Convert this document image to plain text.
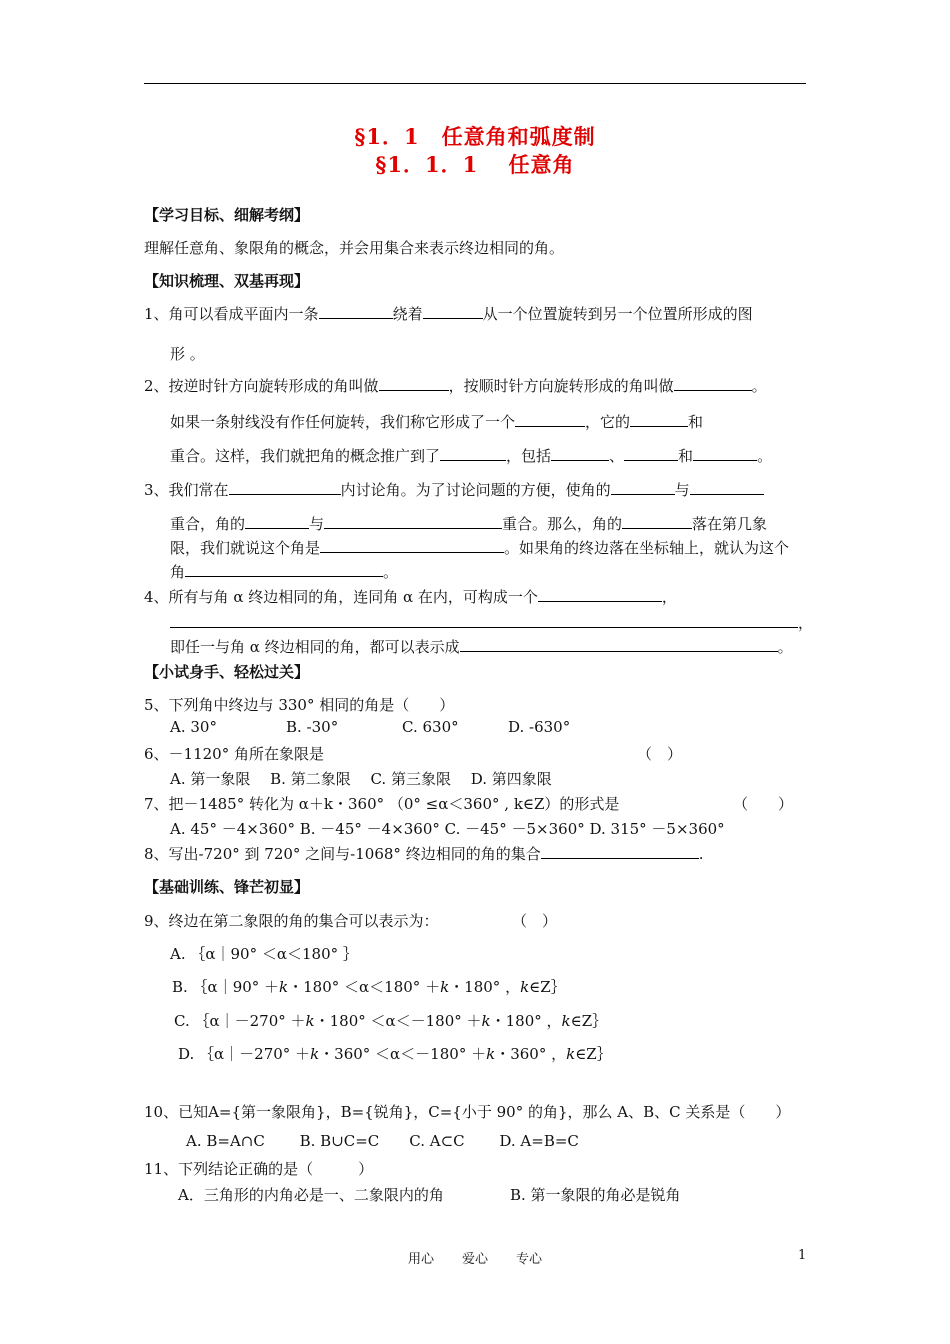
§1．1　任意角和弧度制
§1．1．1　 任意角
【学习目标、细解考纲】
理解任意角、象限角的概念，并会用集合来表示终边相同的角。
【知识梳理、双基再现】
1、角可以看成平面内一条	绕着	从一个位置旋转到另一个位置所形成的图
形 。
2、按逆时针方向旋转形成的角叫做	，按顺时针方向旋转形成的角叫做	。
如果一条射线没有作任何旋转，我们称它形成了一个	，它的	和
重合。这样，我们就把角的概念推广到了	，包括	、	和	。
3、我们常在	内讨论角。为了讨论问题的方便，使角的	与
重合，角的	与	重合。那么，角的	落在第几象
限，我们就说这个角是	。如果角的终边落在坐标轴上，就认为这个
角	。
4、所有与角 α 终边相同的角，连同角 α 在内，可构成一个	，
，
即任一与角 α 终边相同的角，都可以表示成	。
【小试身手、轻松过关】
5、下列角中终边与 330° 相同的角是（　　）
A. 30°	B. -30°	C. 630°	D. -630°
6、－1120° 角所在象限是	（　）
A. 第一象限　 B. 第二象限　 C. 第三象限　 D. 第四象限
7、把－1485° 转化为 α＋k・360° （0° ≤α＜360° , k∈Z）的形式是	（　　）
A. 45° －4×360° B. －45° －4×360° C. －45° －5×360° D. 315° －5×360°
8、写出-720° 到 720° 之间与-1068° 终边相同的角的集合	.
【基础训练、锋芒初显】
9、终边在第二象限的角的集合可以表示为：	（　）
A. ｛α｜90° ＜α＜180° ｝
B. ｛α｜90° ＋k・180° ＜α＜180° ＋k・180° ，k∈Z｝
C. ｛α｜－270° ＋k・180° ＜α＜－180° ＋k・180° ，k∈Z｝
D. ｛α｜－270° ＋k・360° ＜α＜－180° ＋k・360° ，k∈Z｝
10、已知A={第一象限角}，B={锐角}，C={小于 90° 的角}，那么 A、B、C 关系是（　　）
A. B=A∩C　　 B. B∪C=C　　C. A⊂C　　 D. A=B=C
11、下列结论正确的是（　　　）
A．三角形的内角必是一、二象限内的角	B. 第一象限的角必是锐角
用心 爱心 专心	1
